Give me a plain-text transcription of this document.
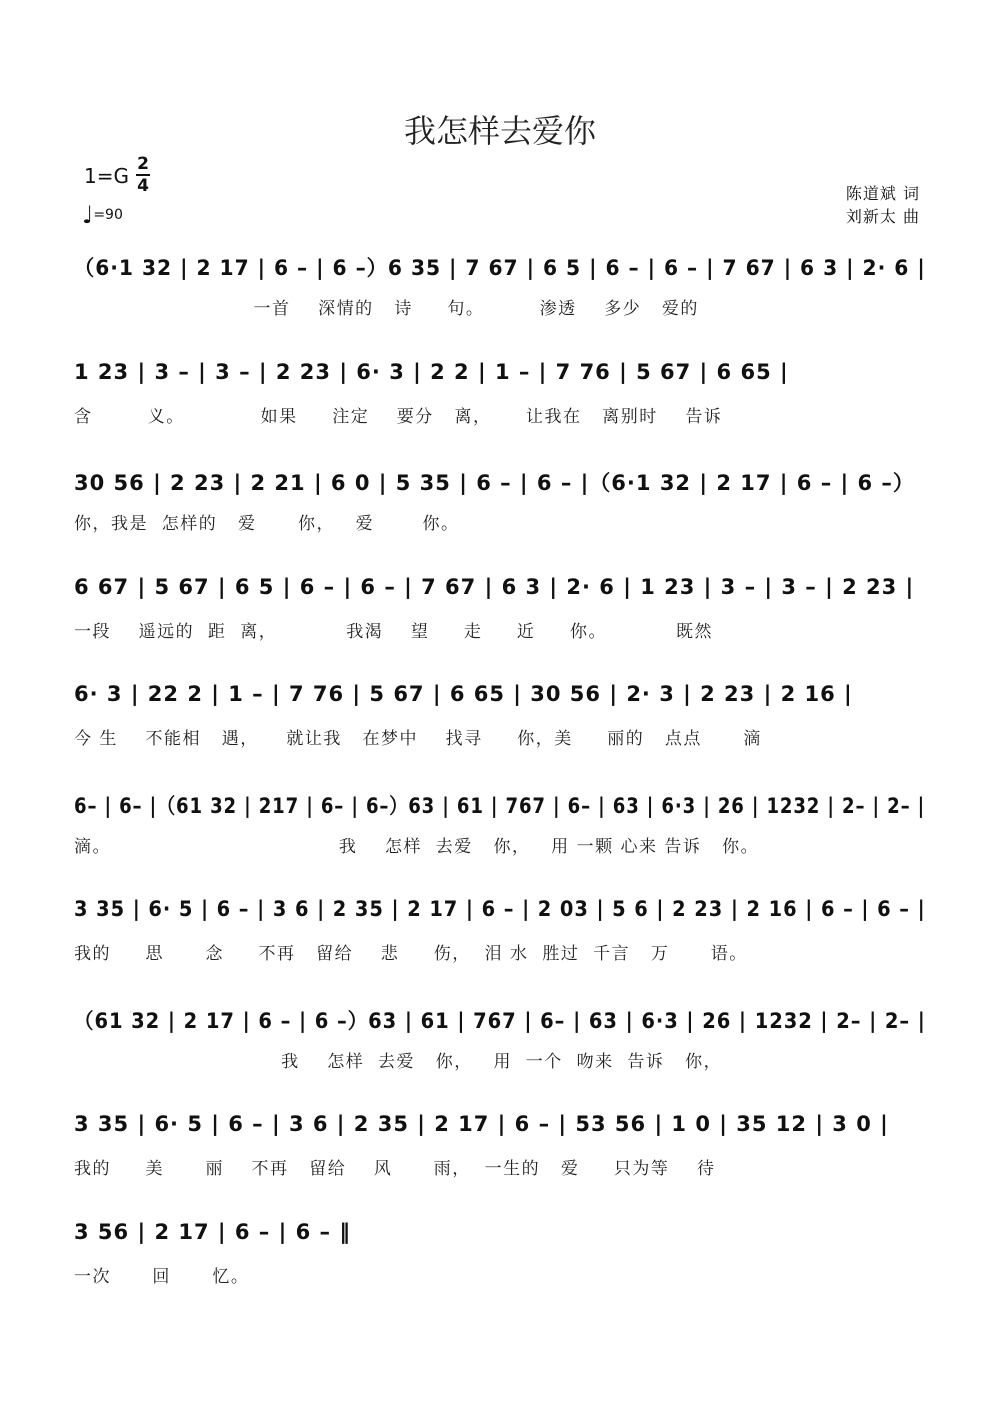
我怎样去爱你
1=G 2
4
♩=90
陈道斌 词
刘新太 曲
（6·1 32 | 2 17 | 6 – | 6 –）6 35 | 7 67 | 6 5 | 6 – | 6 – | 7 67 | 6 3 | 2· 6 |
一首    深情的   诗     句。        渗透    多少   爱的
1 23 | 3 – | 3 – | 2 23 | 6· 3 | 2 2 | 1 – | 7 76 | 5 67 | 6 65 |
含        义。           如果     注定    要分   离，     让我在   离别时    告诉
30 56 | 2 23 | 2 21 | 6 0 | 5 35 | 6 – | 6 – |（6·1 32 | 2 17 | 6 – | 6 –）
你，我是  怎样的   爱      你，   爱       你。
6 67 | 5 67 | 6 5 | 6 – | 6 – | 7 67 | 6 3 | 2· 6 | 1 23 | 3 – | 3 – | 2 23 |
一段    遥远的  距  离，          我渴    望     走     近     你。          既然
6· 3 | 22 2 | 1 – | 7 76 | 5 67 | 6 65 | 30 56 | 2· 3 | 2 23 | 2 16 |
今 生    不能相   遇，    就让我   在梦中    找寻     你，美     丽的   点点      滴
6– | 6– |（61 32 | 217 | 6– | 6–）63 | 61 | 767 | 6– | 63 | 6·3 | 26 | 1232 | 2– | 2– |
滴。                                 我    怎样  去爱   你，   用 一颗 心来 告诉   你。
3 35 | 6· 5 | 6 – | 3 6 | 2 35 | 2 17 | 6 – | 2 03 | 5 6 | 2 23 | 2 16 | 6 – | 6 – |
我的     思      念     不再   留给    悲     伤，  泪 水  胜过  千言   万      语。
（61 32 | 2 17 | 6 – | 6 –）63 | 61 | 767 | 6– | 63 | 6·3 | 26 | 1232 | 2– | 2– |
我    怎样  去爱   你，   用  一个  吻来  告诉   你，
3 35 | 6· 5 | 6 – | 3 6 | 2 35 | 2 17 | 6 – | 53 56 | 1 0 | 35 12 | 3 0 |
我的     美      丽    不再   留给    风      雨，  一生的   爱     只为等    待
3 56 | 2 17 | 6 – | 6 – ‖
一次      回      忆。
